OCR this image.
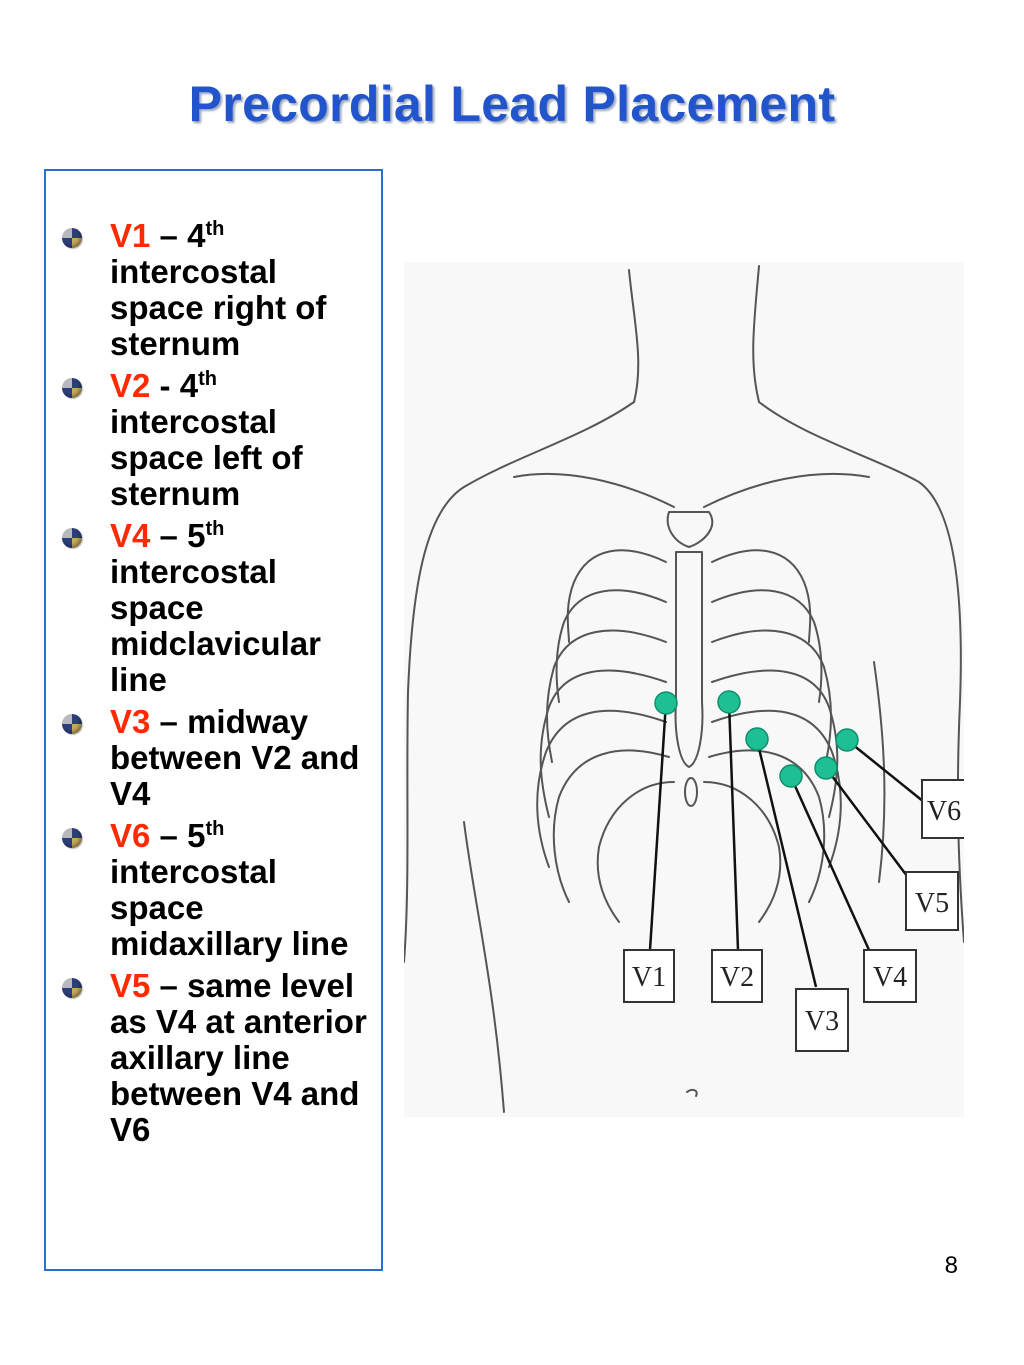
Precordial Lead Placement
V1 – 4th intercostal space right of sternum
V2 - 4th intercostal space left of sternum
V4 – 5th intercostal space midclavicular line
V3 – midway between V2 and V4
V6 – 5th intercostal space midaxillary line
V5 – same level as V4 at anterior axillary line between V4 and V6
V1 V2
V3
V4
V5
V6
8
